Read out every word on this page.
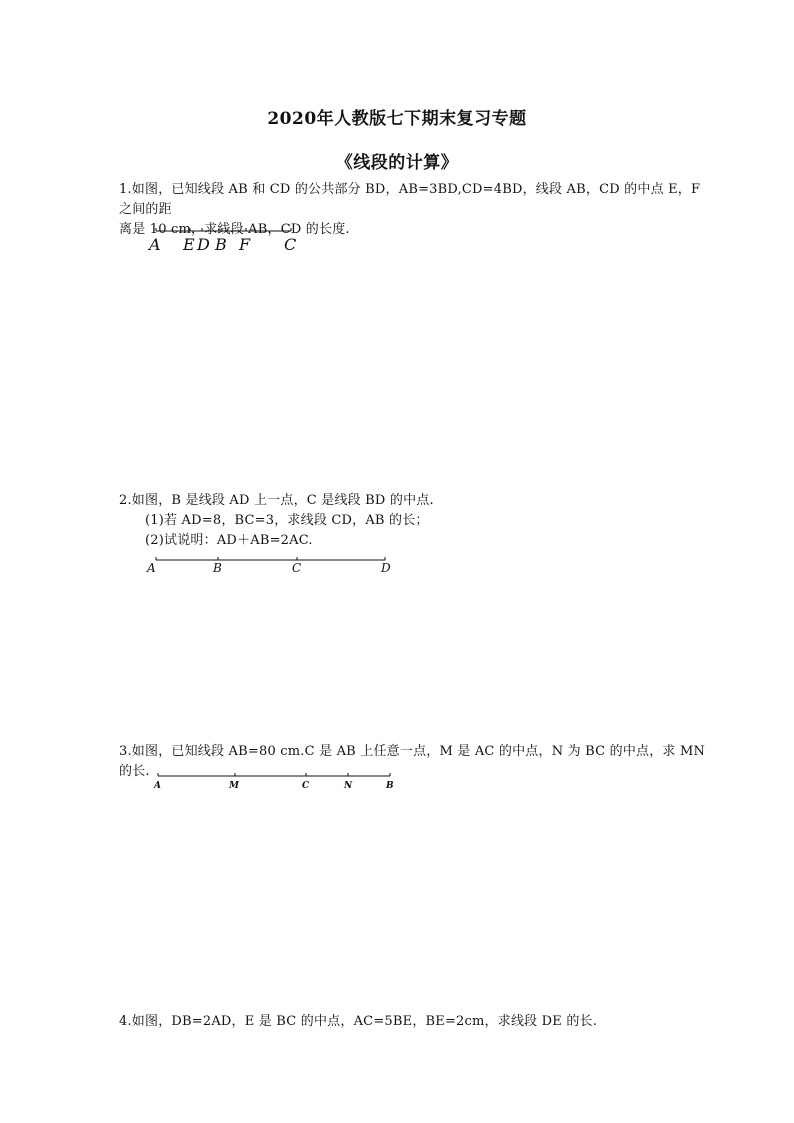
2020年人教版七下期末复习专题
《线段的计算》

1.如图，已知线段 AB 和 CD 的公共部分 BD，AB=3BD,CD=4BD，线段 AB，CD 的中点 E，F 之间的距

离是 10 cm，求线段 AB，CD 的长度.

A E D B F C

2.如图，B 是线段 AD 上一点，C 是线段 BD 的中点.

(1)若 AD=8，BC=3，求线段 CD，AB 的长；

(2)试说明：AD＋AB=2AC.

A	B	C	D

3.如图，已知线段 AB=80 cm.C 是 AB 上任意一点，M 是 AC 的中点，N 为 BC 的中点，求 MN 的长.

A	M	C	N	B

4.如图，DB=2AD，E 是 BC 的中点，AC=5BE，BE=2cm，求线段 DE 的长.
